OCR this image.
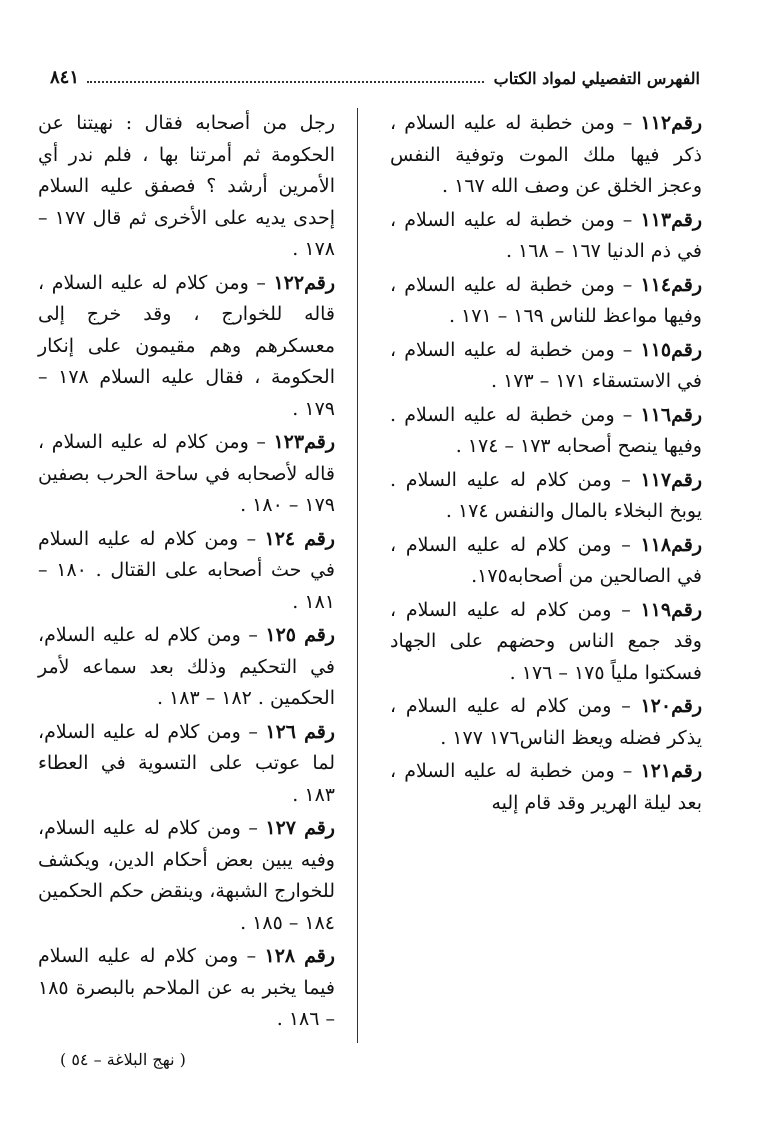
الفهرس التفصيلي لمواد الكتاب
٨٤١

رقم١١٢ – ومن خطبة له عليه السلام ، ذكر فيها ملك الموت وتوفية النفس وعجز الخلق عن وصف الله ١٦٧ .

رقم١١٣ – ومن خطبة له عليه السلام ، في ذم الدنيا ١٦٧ – ١٦٨ .

رقم١١٤ – ومن خطبة له عليه السلام ، وفيها مواعظ للناس ١٦٩ – ١٧١ .

رقم١١٥ – ومن خطبة له عليه السلام ، في الاستسقاء ١٧١ – ١٧٣ .

رقم١١٦ – ومن خطبة له عليه السلام . وفيها ينصح أصحابه ١٧٣ – ١٧٤ .

رقم١١٧ – ومن كلام له عليه السلام . يوبخ البخلاء بالمال والنفس ١٧٤ .

رقم١١٨ – ومن كلام له عليه السلام ، في الصالحين من أصحابه١٧٥.

رقم١١٩ – ومن كلام له عليه السلام ، وقد جمع الناس وحضهم على الجهاد فسكتوا ملياً ١٧٥ – ١٧٦ .

رقم١٢٠ – ومن كلام له عليه السلام ، يذكر فضله ويعظ الناس١٧٦ ١٧٧ .

رقم١٢١ – ومن خطبة له عليه السلام ، بعد ليلة الهرير وقد قام إليه

رجل من أصحابه فقال : نهيتنا عن الحكومة ثم أمرتنا بها ، فلم ندر أي الأمرين أرشد ؟ فصفق عليه السلام إحدى يديه على الأخرى ثم قال ١٧٧ – ١٧٨ .

رقم١٢٢ – ومن كلام له عليه السلام ، قاله للخوارج ، وقد خرج إلى معسكرهم وهم مقيمون على إنكار الحكومة ، فقال عليه السلام ١٧٨ – ١٧٩ .

رقم١٢٣ – ومن كلام له عليه السلام ، قاله لأصحابه في ساحة الحرب بصفين ١٧٩ – ١٨٠ .

رقم ١٢٤ – ومن كلام له عليه السلام في حث أصحابه على القتال . ١٨٠ – ١٨١ .

رقم ١٢٥ – ومن كلام له عليه السلام، في التحكيم وذلك بعد سماعه لأمر الحكمين . ١٨٢ – ١٨٣ .

رقم ١٢٦ – ومن كلام له عليه السلام، لما عوتب على التسوية في العطاء ١٨٣ .

رقم ١٢٧ – ومن كلام له عليه السلام، وفيه يبين بعض أحكام الدين، ويكشف للخوارج الشبهة، وينقض حكم الحكمين ١٨٤ – ١٨٥ .

رقم ١٢٨ – ومن كلام له عليه السلام فيما يخبر به عن الملاحم بالبصرة ١٨٥ – ١٨٦ .

( نهج البلاغة – ٥٤ )
